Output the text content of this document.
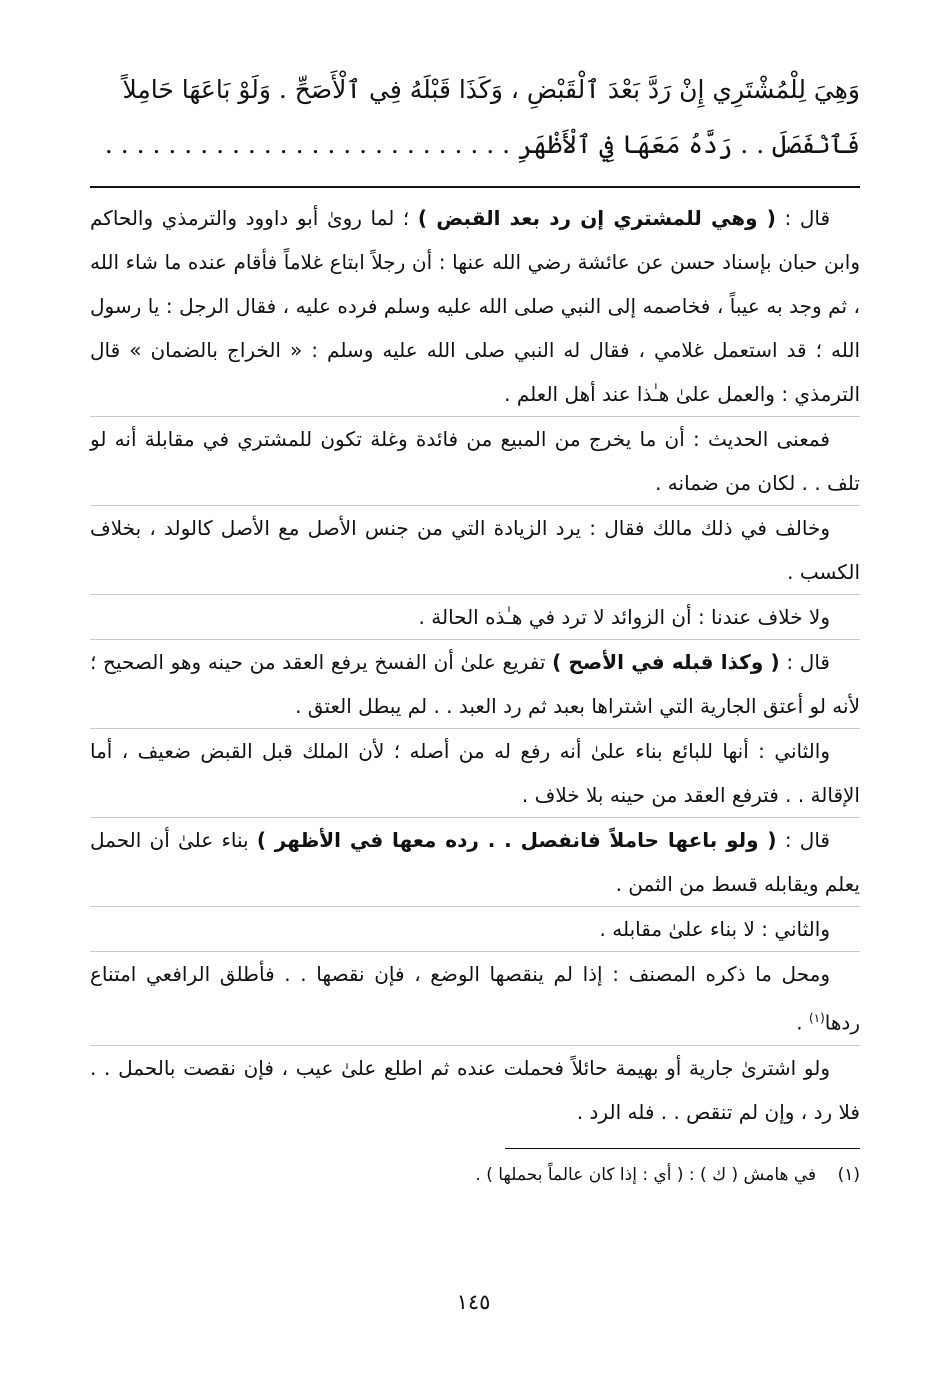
وَهِيَ لِلْمُشْتَرِي إِنْ رَدَّ بَعْدَ ٱلْقَبْضِ ، وَكَذَا قَبْلَهُ فِي ٱلْأَصَحِّ . وَلَوْ بَاعَهَا حَامِلاً
فَٱنْفَصَلَ . . رَدَّهُ مَعَهَا فِي ٱلْأَظْهَرِ . . . . . . . . . . . . . . . . . . . . . . . . . .

قال : ( وهي للمشتري إن رد بعد القبض ) ؛ لما روىٰ أبو داوود والترمذي والحاكم وابن حبان بإسناد حسن عن عائشة رضي الله عنها : أن رجلاً ابتاع غلاماً فأقام عنده ما شاء الله ، ثم وجد به عيباً ، فخاصمه إلى النبي صلى الله عليه وسلم فرده عليه ، فقال الرجل : يا رسول الله ؛ قد استعمل غلامي ، فقال له النبي صلى الله عليه وسلم : « الخراج بالضمان » قال الترمذي : والعمل علىٰ هـٰذا عند أهل العلم .

فمعنى الحديث : أن ما يخرج من المبيع من فائدة وغلة تكون للمشتري في مقابلة أنه لو تلف . . لكان من ضمانه .

وخالف في ذلك مالك فقال : يرد الزيادة التي من جنس الأصل مع الأصل كالولد ، بخلاف الكسب .

ولا خلاف عندنا : أن الزوائد لا ترد في هـٰذه الحالة .

قال : ( وكذا قبله في الأصح ) تفريع علىٰ أن الفسخ يرفع العقد من حينه وهو الصحيح ؛ لأنه لو أعتق الجارية التي اشتراها بعبد ثم رد العبد . . لم يبطل العتق .

والثاني : أنها للبائع بناء علىٰ أنه رفع له من أصله ؛ لأن الملك قبل القبض ضعيف ، أما الإقالة . . فترفع العقد من حينه بلا خلاف .

قال : ( ولو باعها حاملاً فانفصل . . رده معها في الأظهر ) بناء علىٰ أن الحمل يعلم ويقابله قسط من الثمن .

والثاني : لا بناء علىٰ مقابله .

ومحل ما ذكره المصنف : إذا لم ينقصها الوضع ، فإن نقصها . . فأطلق الرافعي امتناع ردها$^{(١)}$ .

ولو اشترىٰ جارية أو بهيمة حائلاً فحملت عنده ثم اطلع علىٰ عيب ، فإن نقصت بالحمل . . فلا رد ، وإن لم تنقص . . فله الرد .

(١) في هامش ( ك ) : ( أي : إذا كان عالماً بحملها ) .

١٤٥
